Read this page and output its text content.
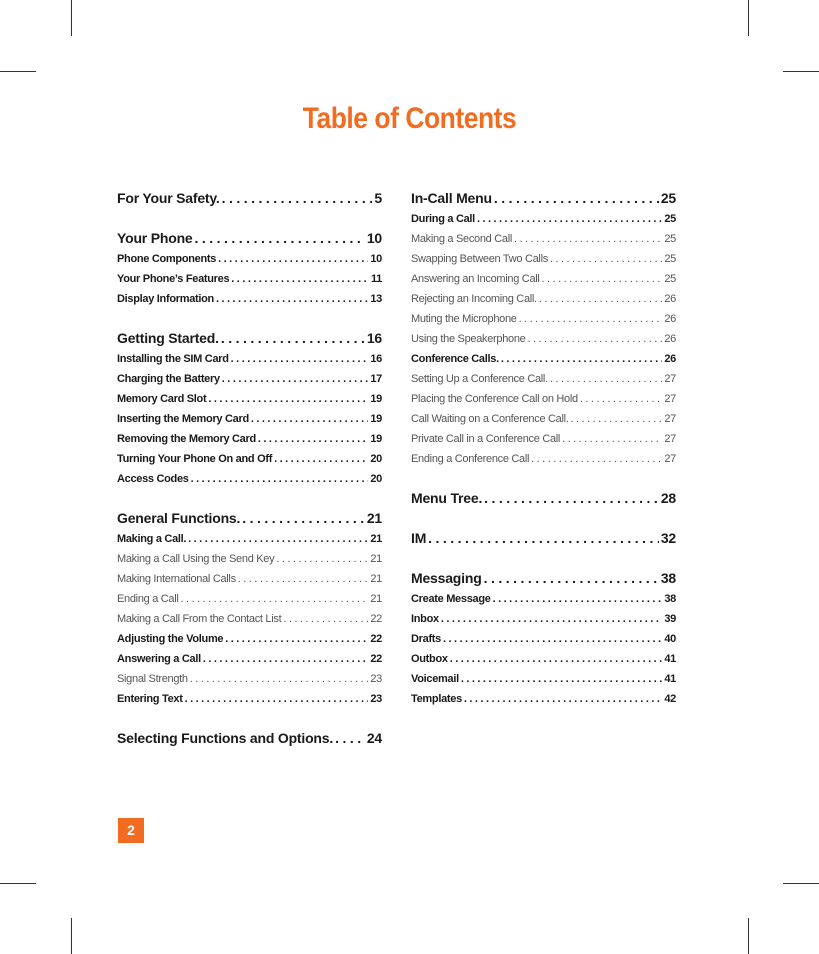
Table of Contents
For Your Safety. . . .	5
Your Phone . . .	10
Phone Components . . .	10
Your Phone’s Features . . .	11
Display Information . . .	13
Getting Started. . . .	16
Installing the SIM Card . . .	16
Charging the Battery . . .	17
Memory Card Slot . . .	19
Inserting the Memory Card . . .	19
Removing the Memory Card . . .	19
Turning Your Phone On and Off . . .	20
Access Codes . . .	20
General Functions. . . .	21
Making a Call. . . .	21
Making a Call Using the Send Key . . .	21
Making International Calls . . .	21
Ending a Call . . .	21
Making a Call From the Contact List . . .	22
Adjusting the Volume . . .	22
Answering a Call . . .	22
Signal Strength . . .	23
Entering Text . . .	23
Selecting Functions and Options. . . . 24
In-Call Menu . . .	25
During a Call . . .	25
Making a Second Call . . .	25
Swapping Between Two Calls . . .	25
Answering an Incoming Call . . .	25
Rejecting an Incoming Call. . . .	26
Muting the Microphone . . .	26
Using the Speakerphone . . .	26
Conference Calls. . . .	26
Setting Up a Conference Call. . . .	27
Placing the Conference Call on Hold . . .	27
Call Waiting on a Conference Call. . . .	27
Private Call in a Conference Call . . .	27
Ending a Conference Call . . .	27
Menu Tree. . . .	28
IM . . .	32
Messaging . . .	38
Create Message . . .	38
Inbox . . .	39
Drafts . . .	40
Outbox . . .	41
Voicemail . . .	41
Templates . . .	42
2
